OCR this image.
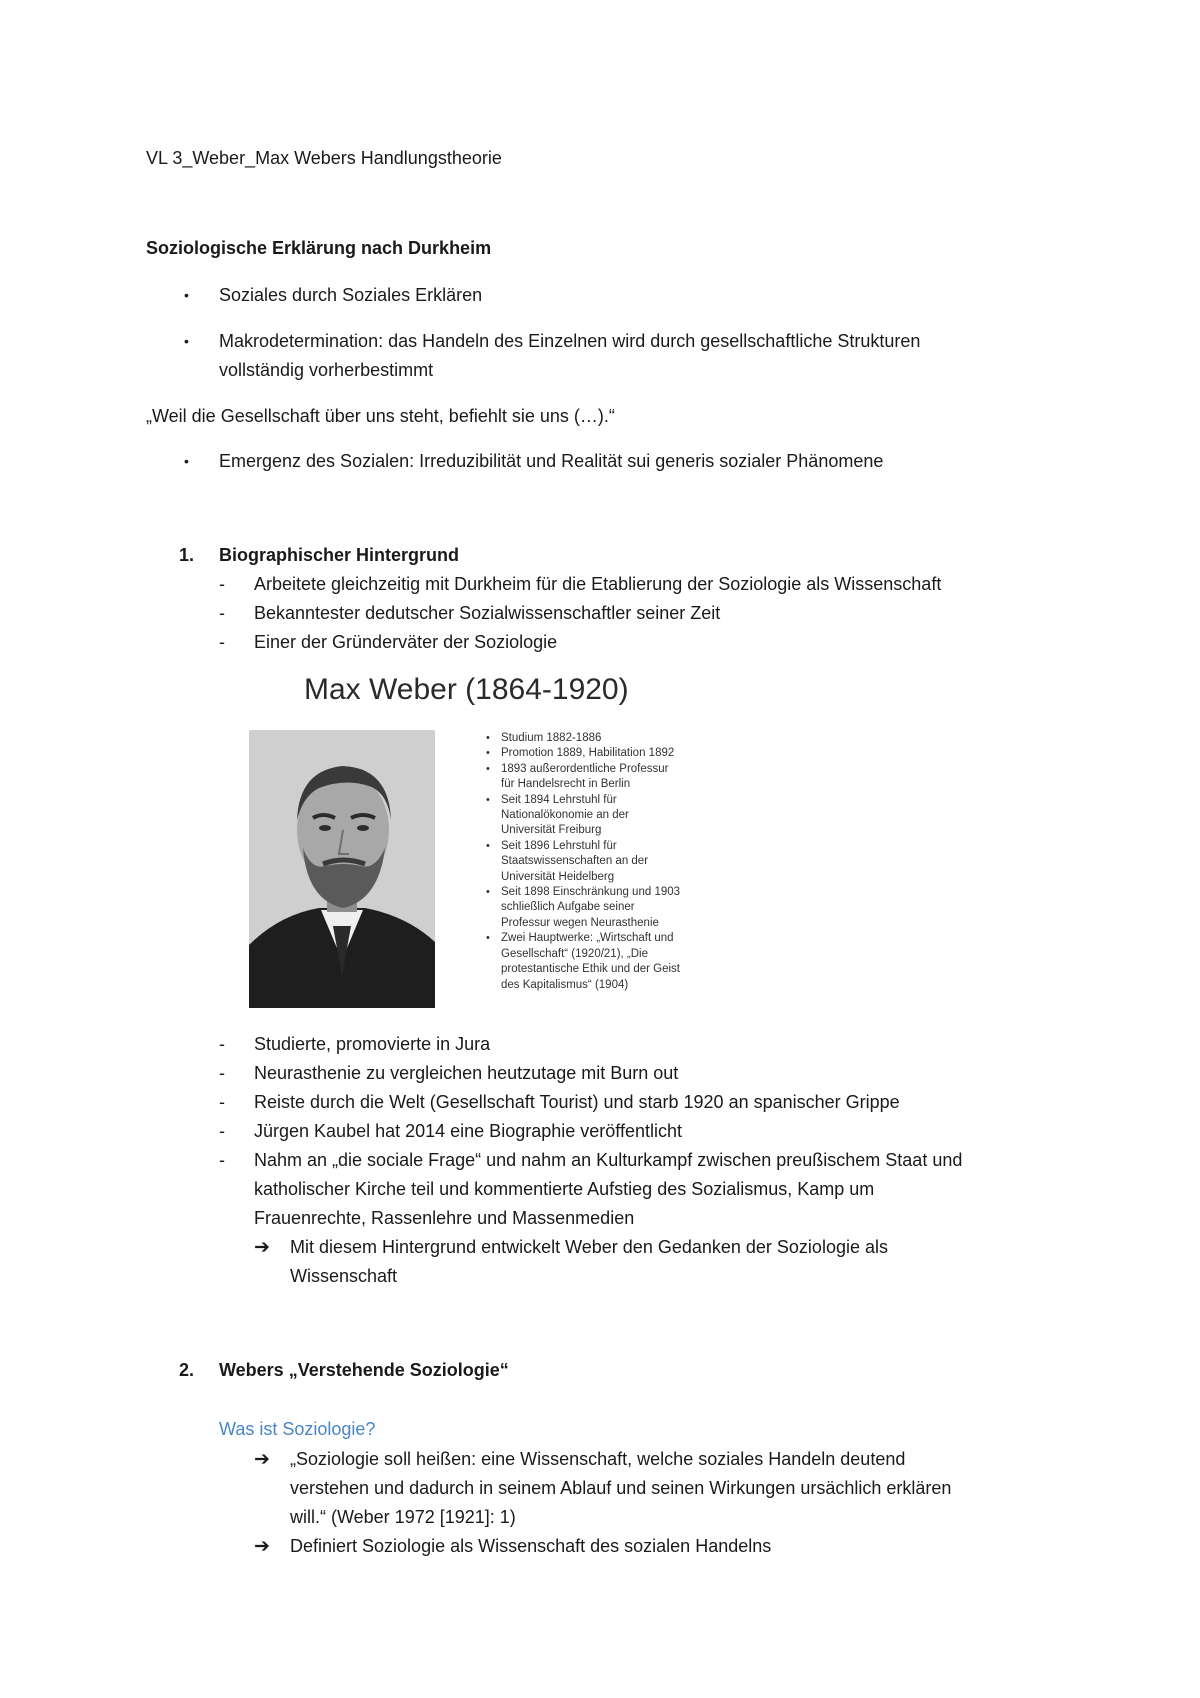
VL 3_Weber_Max Webers Handlungstheorie
Soziologische Erklärung nach Durkheim
• Soziales durch Soziales Erklären
• Makrodetermination: das Handeln des Einzelnen wird durch gesellschaftliche Strukturen
vollständig vorherbestimmt
„Weil die Gesellschaft über uns steht, befiehlt sie uns (…).“
• Emergenz des Sozialen: Irreduzibilität und Realität sui generis sozialer Phänomene
1. Biographischer Hintergrund
- Arbeitete gleichzeitig mit Durkheim für die Etablierung der Soziologie als Wissenschaft
- Bekanntester dedutscher Sozialwissenschaftler seiner Zeit
- Einer der Gründerväter der Soziologie
Max Weber (1864-1920)
• Studium 1882-1886
• Promotion 1889, Habilitation 1892
• 1893 außerordentliche Professur
für Handelsrecht in Berlin
• Seit 1894 Lehrstuhl für
Nationalökonomie an der
Universität Freiburg
• Seit 1896 Lehrstuhl für
Staatswissenschaften an der
Universität Heidelberg
• Seit 1898 Einschränkung und 1903
schließlich Aufgabe seiner
Professur wegen Neurasthenie
• Zwei Hauptwerke: „Wirtschaft und
Gesellschaft“ (1920/21), „Die
protestantische Ethik und der Geist
des Kapitalismus“ (1904)
- Studierte, promovierte in Jura
- Neurasthenie zu vergleichen heutzutage mit Burn out
- Reiste durch die Welt (Gesellschaft Tourist) und starb 1920 an spanischer Grippe
- Jürgen Kaubel hat 2014 eine Biographie veröffentlicht
- Nahm an „die sociale Frage“ und nahm an Kulturkampf zwischen preußischem Staat und
katholischer Kirche teil und kommentierte Aufstieg des Sozialismus, Kamp um
Frauenrechte, Rassenlehre und Massenmedien
➔ Mit diesem Hintergrund entwickelt Weber den Gedanken der Soziologie als
Wissenschaft
2. Webers „Verstehende Soziologie“
Was ist Soziologie?
➔ „Soziologie soll heißen: eine Wissenschaft, welche soziales Handeln deutend
verstehen und dadurch in seinem Ablauf und seinen Wirkungen ursächlich erklären
will.“ (Weber 1972 [1921]: 1)
➔ Definiert Soziologie als Wissenschaft des sozialen Handelns
